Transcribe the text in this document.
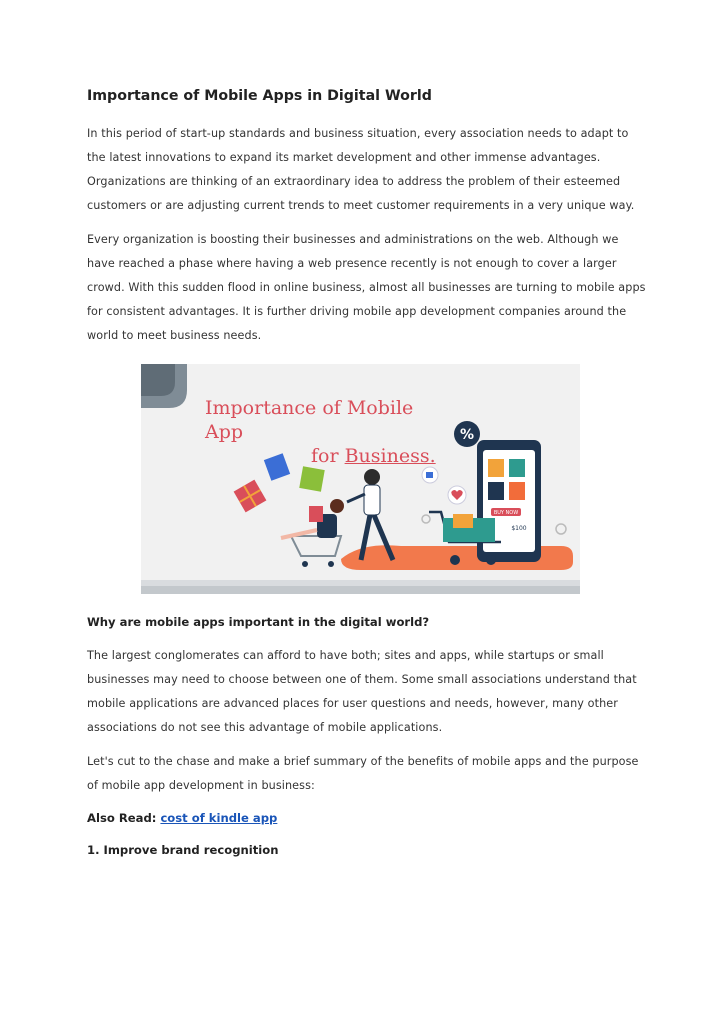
Importance of Mobile Apps in Digital World

In this period of start-up standards and business situation, every association needs to adapt to the latest innovations to expand its market development and other immense advantages. Organizations are thinking of an extraordinary idea to address the problem of their esteemed customers or are adjusting current trends to meet customer requirements in a very unique way.

Every organization is boosting their businesses and administrations on the web. Although we have reached a phase where having a web presence recently is not enough to cover a larger crowd. With this sudden flood in online business, almost all businesses are turning to mobile apps for consistent advantages. It is further driving mobile app development companies around the world to meet business needs.

BUY NOW
$100
%
Importance of Mobile App
for Business.
Why are mobile apps important in the digital world?

The largest conglomerates can afford to have both; sites and apps, while startups or small businesses may need to choose between one of them. Some small associations understand that mobile applications are advanced places for user questions and needs, however, many other associations do not see this advantage of mobile applications.

Let's cut to the chase and make a brief summary of the benefits of mobile apps and the purpose of mobile app development in business:

Also Read: cost of kindle app
1. Improve brand recognition
